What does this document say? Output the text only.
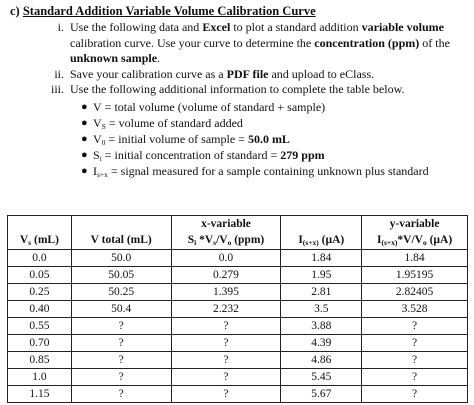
c) Standard Addition Variable Volume Calibration Curve
i. Use the following data and Excel to plot a standard addition variable volume calibration curve. Use your curve to determine the concentration (ppm) of the unknown sample.
ii. Save your calibration curve as a PDF file and upload to eClass.
iii. Use the following additional information to complete the table below.
● V = total volume (volume of standard + sample)
● $V_S$ = volume of standard added
● $V_0$ = initial volume of sample = 50.0 mL
● $S_i$ = initial concentration of standard = 279 ppm
● $I_{s+x}$ = signal measured for a sample containing unknown plus standard
		x-variable		y-variable
$V_s$ (mL)	V total (mL)	$S_i$ $*V_s/V_o$ (ppm)	$I_{(s+x)}$ (µA)	$I_{(s+x)}*V/V_o$ (µA)
0.0	50.0	0.0	1.84	1.84
0.05	50.05	0.279	1.95	1.95195
0.25	50.25	1.395	2.81	2.82405
0.40	50.4	2.232	3.5	3.528
0.55	?	?	3.88	?
0.70	?	?	4.39	?
0.85	?	?	4.86	?
1.0	?	?	5.45	?
1.15	?	?	5.67	?
